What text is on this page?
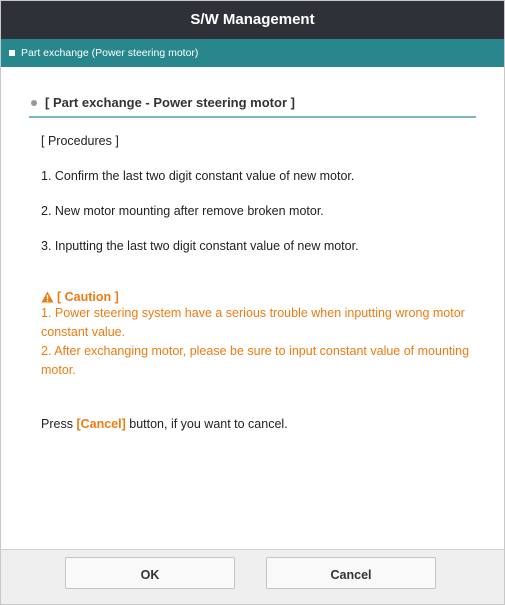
S/W Management
Part exchange (Power steering motor)
[ Part exchange - Power steering motor ]

[ Procedures ]

1. Confirm the last two digit constant value of new motor.

2. New motor mounting after remove broken motor.

3. Inputting the last two digit constant value of new motor.

[ Caution ]

1. Power steering system have a serious trouble when inputting wrong motor constant value.

2. After exchanging motor, please be sure to input constant value of mounting motor.

Press [Cancel] button, if you want to cancel.

OK	Cancel
